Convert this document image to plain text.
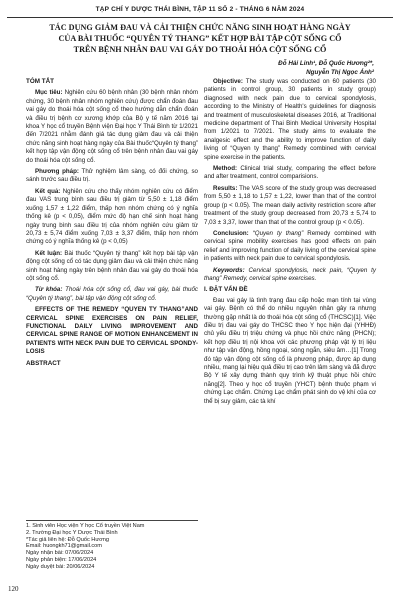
TẠP CHÍ Y DƯỢC THÁI BÌNH, TẬP 11 SỐ 2 - THÁNG 6 NĂM 2024
TÁC DỤNG GIẢM ĐAU VÀ CẢI THIỆN CHỨC NĂNG SINH HOẠT HÀNG NGÀY
CỦA BÀI THUỐC “QUYÊN TÝ THANG” KẾT HỢP BÀI TẬP CỘT SỐNG CỔ
TRÊN BỆNH NHÂN ĐAU VAI GÁY DO THOÁI HÓA CỘT SỐNG CỔ
Đỗ Hải Linh¹, Đỗ Quốc Hương²*,
Nguyễn Thị Ngọc Ánh²
TÓM TẮT

Mục tiêu: Nghiên cứu 60 bệnh nhân (30 bệnh nhân nhóm chứng, 30 bệnh nhân nhóm nghiên cứu) được chẩn đoán đau vai gáy do thoái hóa cột sống cổ theo hướng dẫn chẩn đoán và điều trị bệnh cơ xương khớp của Bộ y tế năm 2016 tại khoa Y học cổ truyền Bệnh viện Đại học Y Thái Bình từ 1/2021 đến 7/2021 nhằm đánh giá tác dụng giảm đau và cải thiện chức năng sinh hoạt hàng ngày của Bài thuốc“Quyên tý thang” kết hợp tập vận động cột sống cổ trên bệnh nhân đau vai gáy do thoái hóa cột sống cổ.

Phương pháp: Thử nghiệm lâm sàng, có đối chứng, so sánh trước sau điều trị.

Kết quả: Nghiên cứu cho thấy nhóm nghiên cứu có điểm đau VAS trung bình sau điều trị giảm từ 5,50 ± 1,18 điểm xuống 1,57 ± 1,22 điểm, thấp hơn nhóm chứng có ý nghĩa thống kê (p < 0,05), điểm mức độ hạn chế sinh hoạt hàng ngày trung bình sau điều trị của nhóm nghiên cứu giảm từ 20,73 ± 5,74 điểm xuống 7,03 ± 3,37 điểm, thấp hơn nhóm chứng có ý nghĩa thống kê (p < 0,05)

Kết luận: Bài thuốc “Quyên tý thang” kết hợp bài tập vận động cột sống cổ có tác dụng giảm đau và cải thiện chức năng sinh hoạt hàng ngày trên bệnh nhân đau vai gáy do thoái hóa cột sống cổ.

Từ khóa: Thoái hóa cột sống cổ, đau vai gáy, bài thuốc “Quyên tý thang”, bài tập vận động cột sống cổ.

EFFECTS OF THE REMEDY “QUYEN TY THANG”AND CERVICAL SPINE EXERCISES ON PAIN RELIEF, FUNCTIONAL DAILY LIVING IMPROVEMENT AND CERVICAL SPINE RANGE OF MOTION ENHANCEMENT IN PATIENTS WITH NECK PAIN DUE TO CERVICAL SPONDY-LOSIS
ABSTRACT
1. Sinh viên Học viện Y học Cổ truyền Việt Nam
2. Trường Đại học Y Dược Thái Bình
*Tác giả liên hệ: Đỗ Quốc Hương
Email: huongkh71@gmail.com
Ngày nhận bài: 07/06/2024
Ngày phản biện: 17/06/2024
Ngày duyệt bài: 20/06/2024

Objective: The study was conducted on 60 patients (30 patients in control group, 30 patients in study group) diagnosed with neck pain due to cervical spondylosis, according to the Ministry of Health's guidelines for diagnosis and treatment of musculoskeletal diseases 2016, at Traditional medicine department of Thai Binh Medical University Hospital from 1/2021 to 7/2021. The study aims to evaluate the analgesic effect and the ability to improve function of daily living of “Quyen ty thang” Remedy combined with cervical spine exercise in the patients.

Method: Clinical trial study, comparing the effect before and after treatment, control comparisions.

Results: The VAS score of the study group was decreased from 5,50 ± 1,18 to 1,57 ± 1,22, lower than that of the control group (p < 0.05). The mean daily activity restriction score after treatment of the study group decreased from 20,73 ± 5,74 to 7,03 ± 3,37, lower than that of the control group (p < 0.05).

Conclusion: “Quyen ty thang” Remedy combined with cervical spine mobility exercises has good effects on pain relief and improving function of daily living of the cervical spine in patients with neck pain due to cervical spondylosis.

Keywords: Cervical spondylosis, neck pain, “Quyen ty thang” Remedy, cervical spine exercises.

I. ĐẶT VẤN ĐỀ

Đau vai gáy là tình trạng đau cấp hoặc mạn tính tại vùng vai gáy. Bệnh có thể do nhiều nguyên nhân gây ra nhưng thường gặp nhất là do thoái hóa cột sống cổ (THCSC)[1]. Việc điều trị đau vai gáy do THCSC theo Y học hiện đại (YHHĐ) chủ yếu điều trị triệu chứng và phục hồi chức năng (PHCN); kết hợp điều trị nội khoa với các phương pháp vật lý trị liệu như tập vận động, hồng ngoại, sóng ngắn, siêu âm…[1] Trong đó tập vận động cột sống cổ là phương pháp, được áp dụng nhiều, mang lại hiệu quả điều trị cao trên lâm sàng và đã được Bộ Y tế xây dựng thành quy trình kỹ thuật phục hồi chức năng[2]. Theo y học cổ truyền (YHCT) bệnh thuộc phạm vi chứng Lạc chẩm. Chứng Lạc chẩm phát sinh do vệ khí của cơ thể bị suy giảm, các tà khí

120
